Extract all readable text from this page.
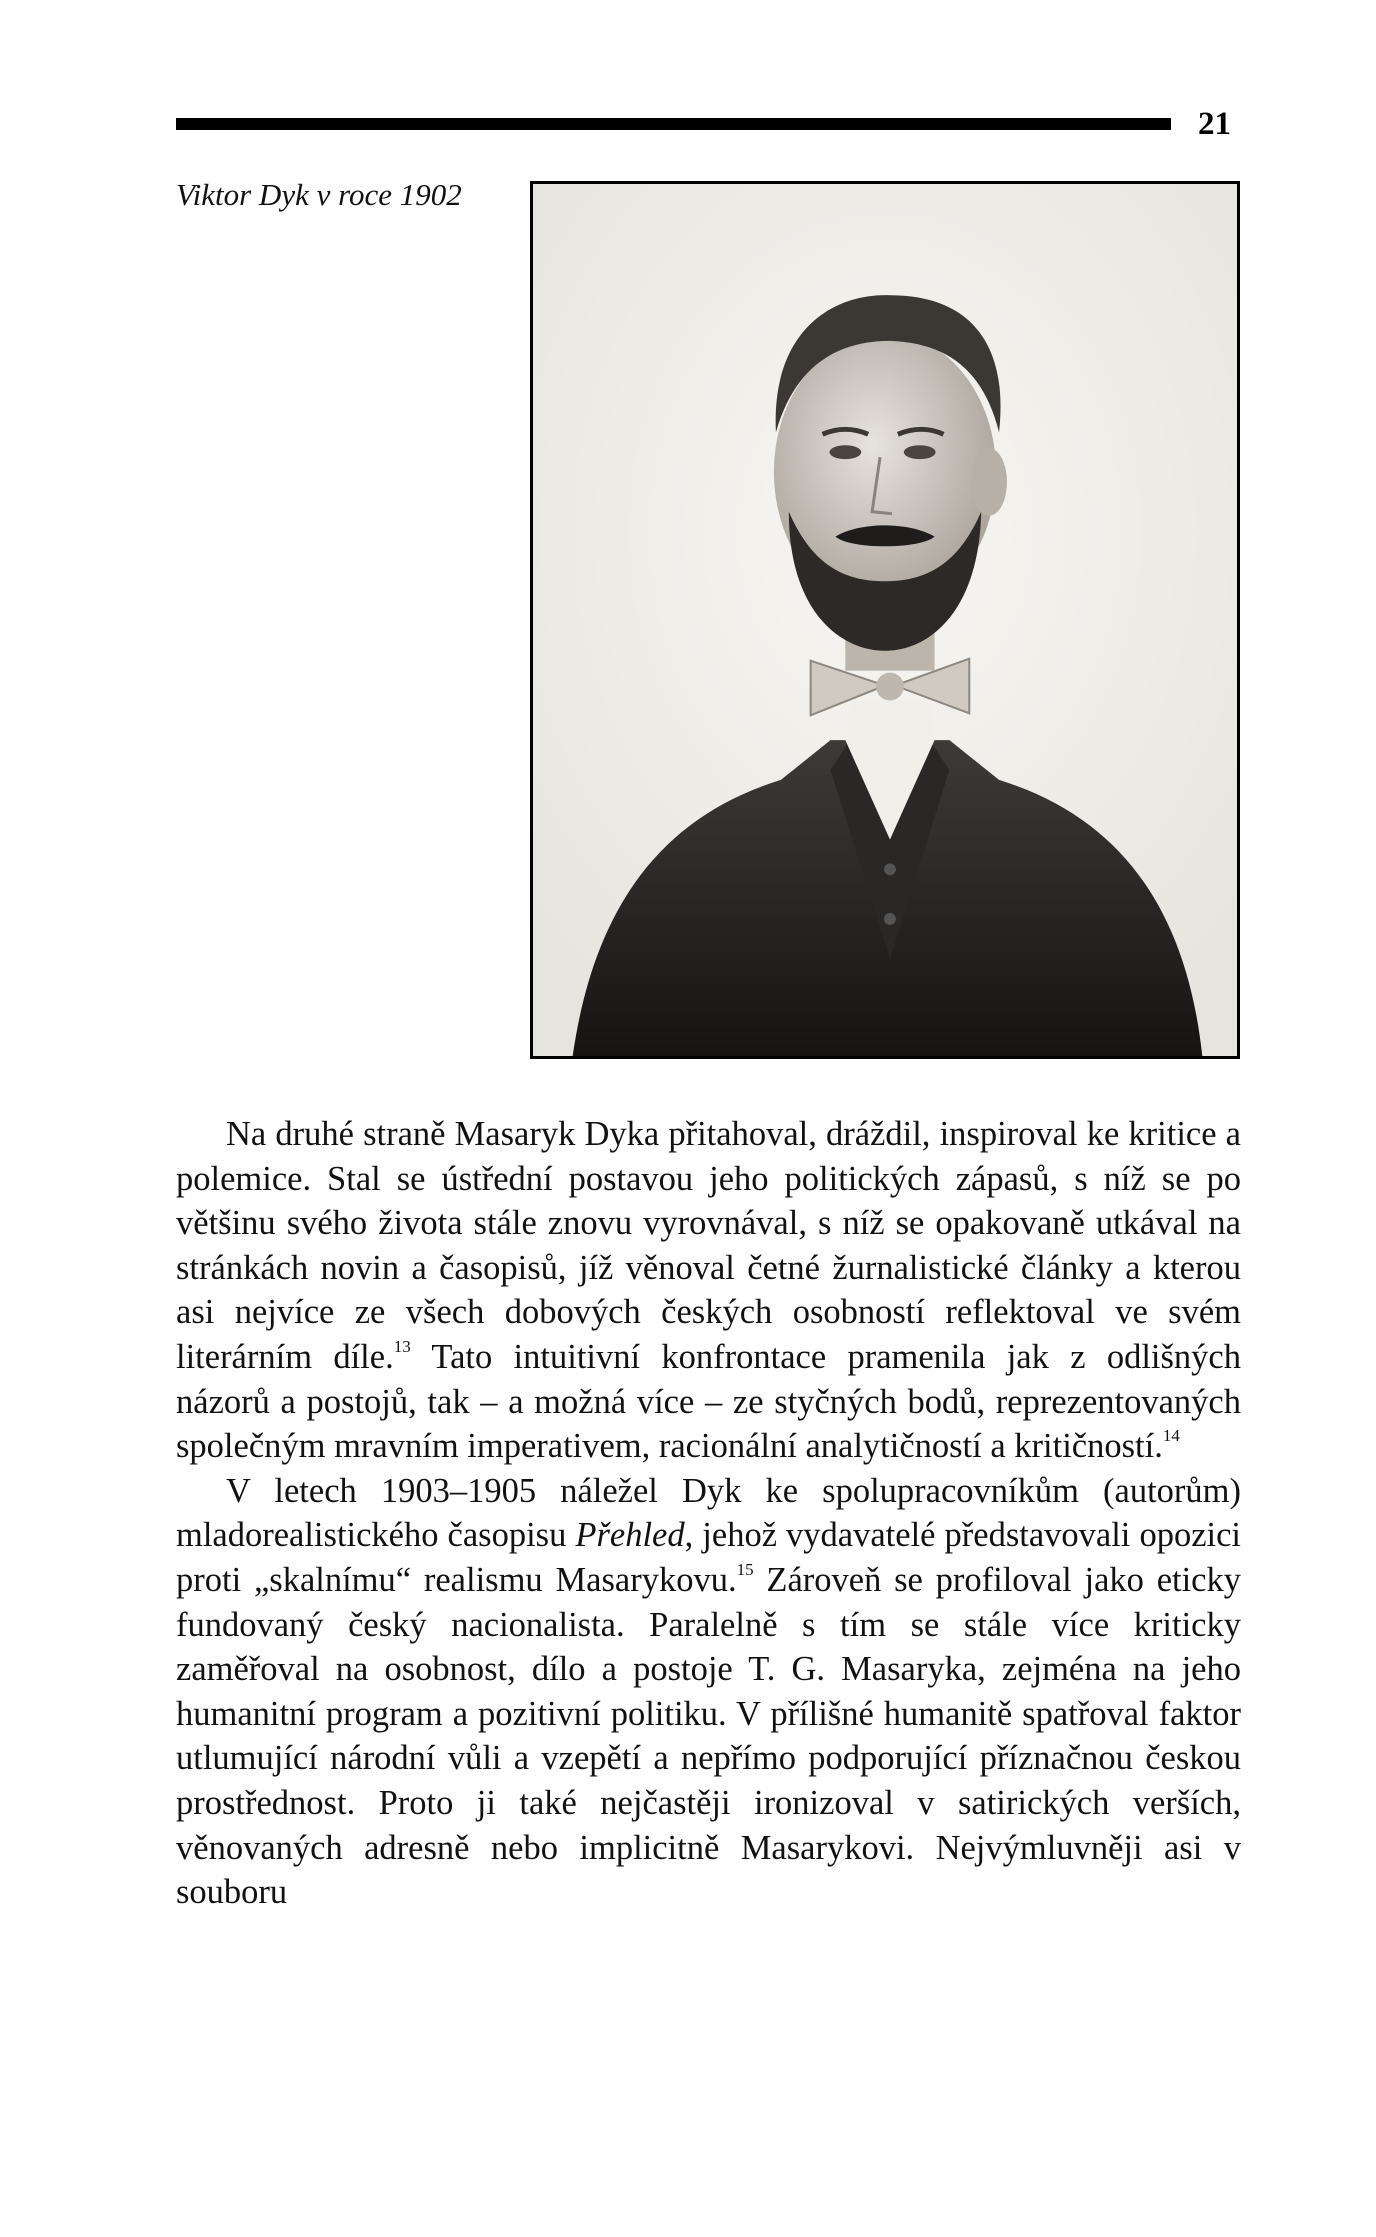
21
Viktor Dyk v roce 1902

Na druhé straně Masaryk Dyka přitahoval, dráždil, inspiroval ke kritice a polemice. Stal se ústřední postavou jeho politických zápasů, s níž se po většinu svého života stále znovu vyrovnával, s níž se opakovaně utkával na stránkách novin a časopisů, jíž věnoval četné žurnalistické články a kterou asi nejvíce ze všech dobových českých osobností reflektoval ve svém literárním díle.$^{13}$ Tato intuitivní konfrontace pramenila jak z odlišných názorů a postojů, tak – a možná více – ze styčných bodů, reprezentovaných společným mravním imperativem, racionální analytičností a kritičností.$^{14}$

V letech 1903–1905 náležel Dyk ke spolupracovníkům (autorům) mladorealistického časopisu Přehled, jehož vydavatelé představovali opozici proti „skalnímu“ realismu Masarykovu.$^{15}$ Zároveň se profiloval jako eticky fundovaný český nacionalista. Paralelně s tím se stále více kriticky zaměřoval na osobnost, dílo a postoje T. G. Masaryka, zejména na jeho humanitní program a pozitivní politiku. V přílišné humanitě spatřoval faktor utlumující národní vůli a vzepětí a nepřímo podporující příznačnou českou prostřednost. Proto ji také nejčastěji ironizoval v satirických verších, věnovaných adresně nebo implicitně Masarykovi. Nejvýmluvněji asi v souboru
